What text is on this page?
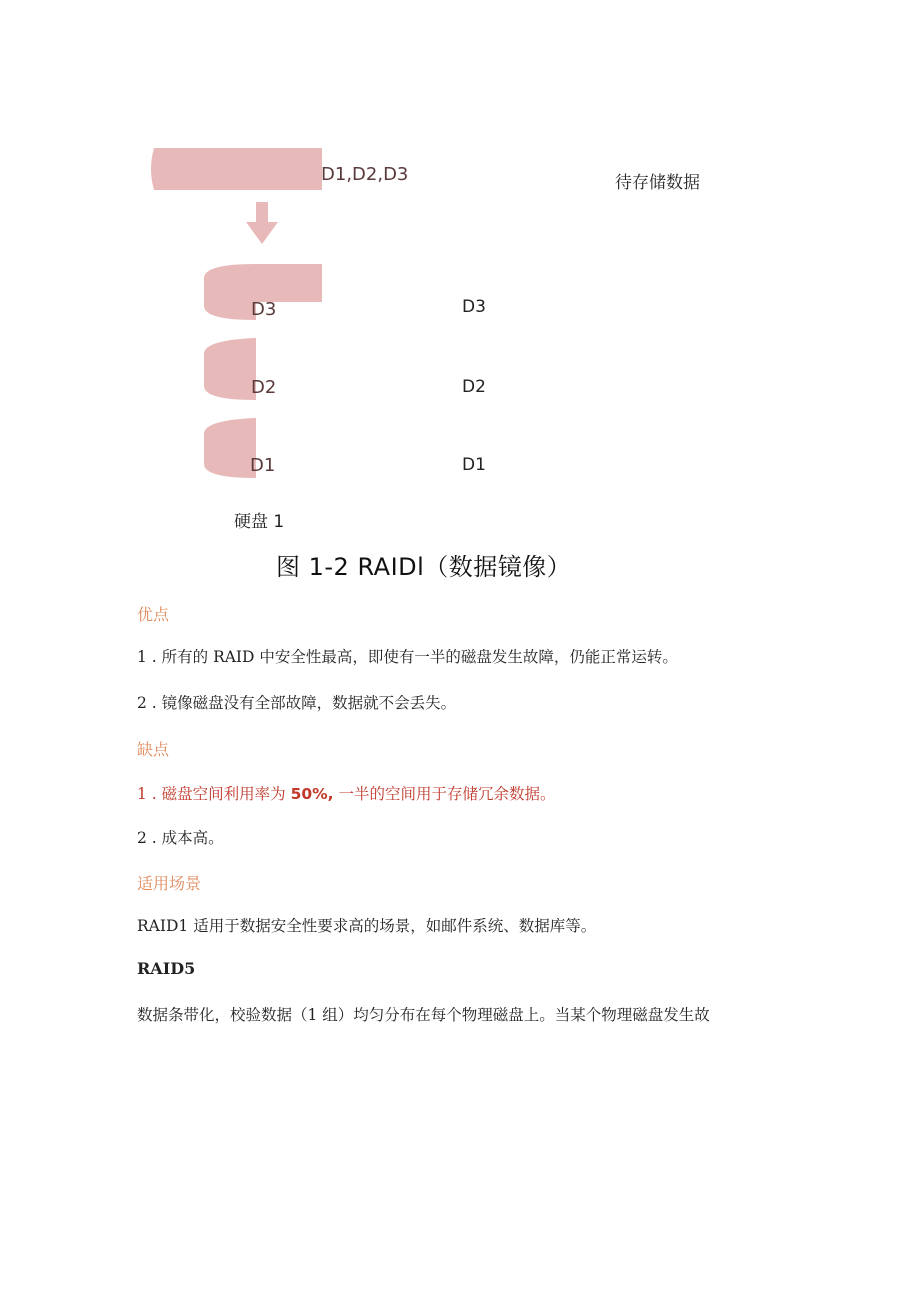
D1,D2,D3	待存储数据
D3
D2
D1
D3
D2
D1
硬盘 1
图 1-2 RAIDl（数据镜像）
优点
1 . 所有的 RAID 中安全性最高，即使有一半的磁盘发生故障，仍能正常运转。
2 . 镜像磁盘没有全部故障，数据就不会丢失。
缺点
1 . 磁盘空间利用率为 50%, 一半的空间用于存储冗余数据。
2 . 成本高。
适用场景
RAID1 适用于数据安全性要求高的场景，如邮件系统、数据库等。
RAID5
数据条带化，校验数据（1 组）均匀分布在每个物理磁盘上。当某个物理磁盘发生故
